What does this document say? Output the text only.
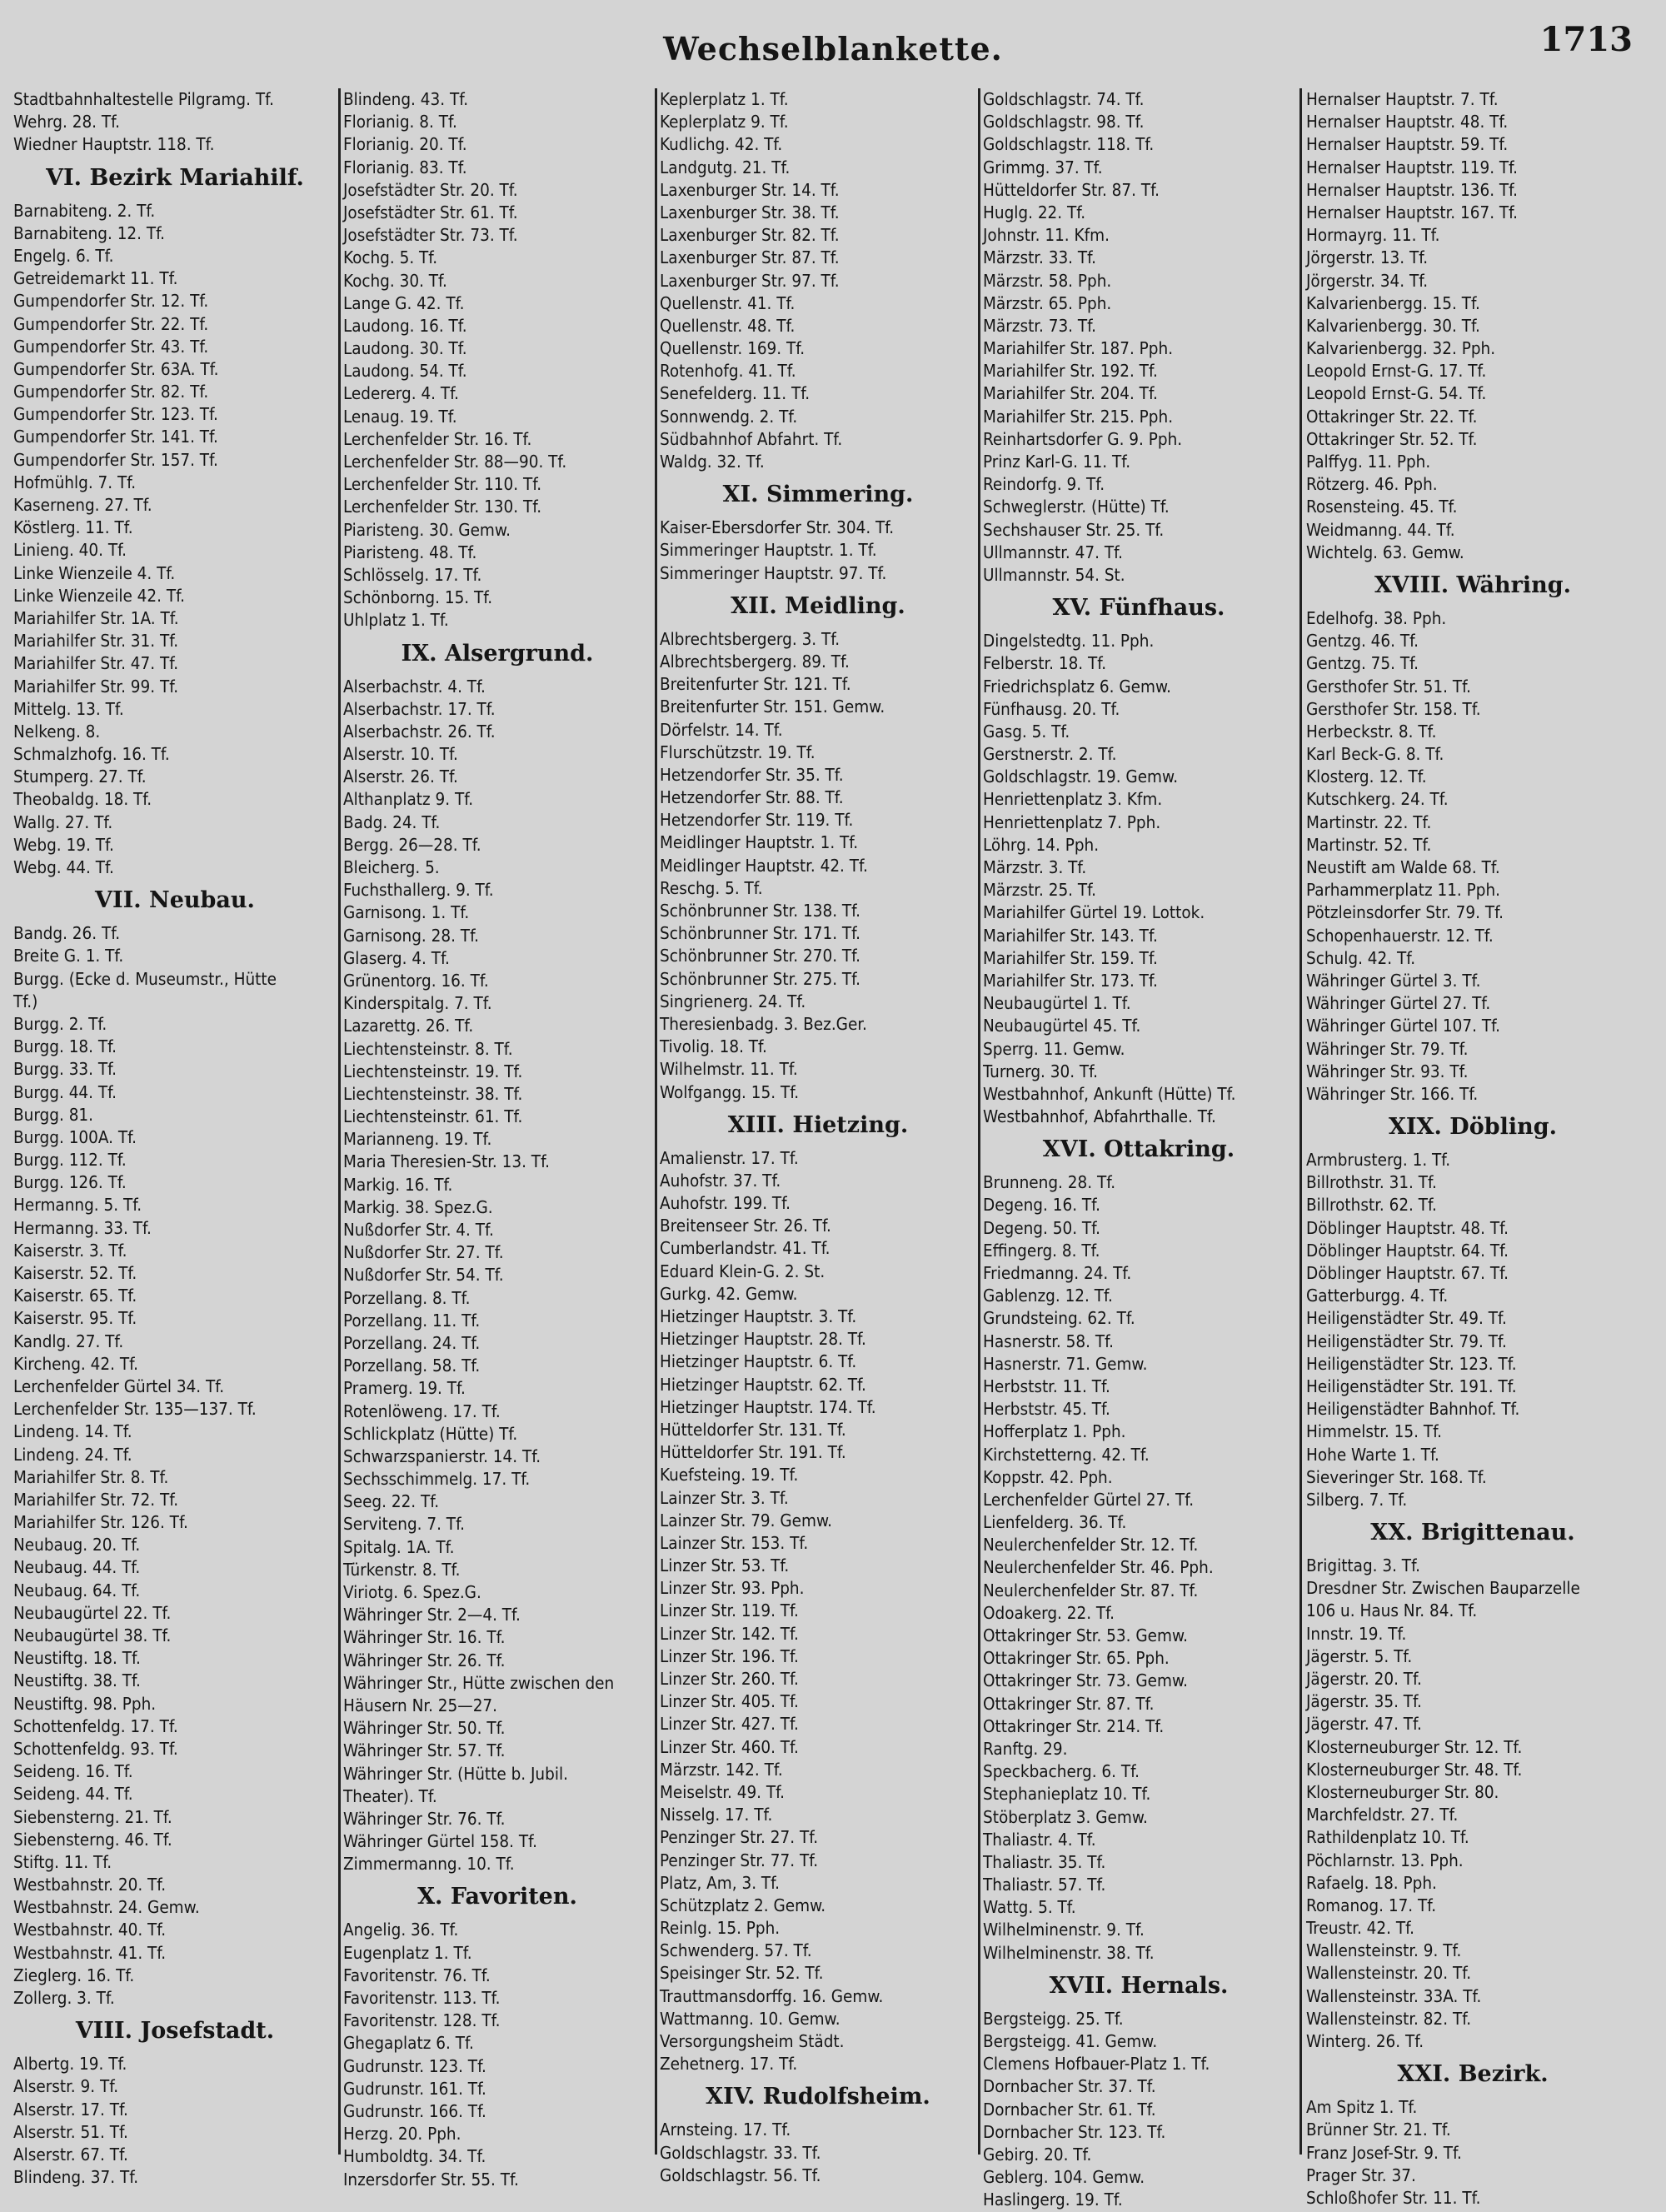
Wechselblankette.	1713
Stadtbahnhaltestelle Pilgramg. Tf.
Wehrg. 28. Tf.
Wiedner Hauptstr. 118. Tf.
VI. Bezirk Mariahilf.
Barnabiteng. 2. Tf.
Barnabiteng. 12. Tf.
Engelg. 6. Tf.
Getreidemarkt 11. Tf.
Gumpendorfer Str. 12. Tf.
Gumpendorfer Str. 22. Tf.
Gumpendorfer Str. 43. Tf.
Gumpendorfer Str. 63A. Tf.
Gumpendorfer Str. 82. Tf.
Gumpendorfer Str. 123. Tf.
Gumpendorfer Str. 141. Tf.
Gumpendorfer Str. 157. Tf.
Hofmühlg. 7. Tf.
Kaserneng. 27. Tf.
Köstlerg. 11. Tf.
Linieng. 40. Tf.
Linke Wienzeile 4. Tf.
Linke Wienzeile 42. Tf.
Mariahilfer Str. 1A. Tf.
Mariahilfer Str. 31. Tf.
Mariahilfer Str. 47. Tf.
Mariahilfer Str. 99. Tf.
Mittelg. 13. Tf.
Nelkeng. 8.
Schmalzhofg. 16. Tf.
Stumperg. 27. Tf.
Theobaldg. 18. Tf.
Wallg. 27. Tf.
Webg. 19. Tf.
Webg. 44. Tf.
VII. Neubau.
Bandg. 26. Tf.
Breite G. 1. Tf.
Burgg. (Ecke d. Museumstr., Hütte
Tf.)
Burgg. 2. Tf.
Burgg. 18. Tf.
Burgg. 33. Tf.
Burgg. 44. Tf.
Burgg. 81.
Burgg. 100A. Tf.
Burgg. 112. Tf.
Burgg. 126. Tf.
Hermanng. 5. Tf.
Hermanng. 33. Tf.
Kaiserstr. 3. Tf.
Kaiserstr. 52. Tf.
Kaiserstr. 65. Tf.
Kaiserstr. 95. Tf.
Kandlg. 27. Tf.
Kircheng. 42. Tf.
Lerchenfelder Gürtel 34. Tf.
Lerchenfelder Str. 135—137. Tf.
Lindeng. 14. Tf.
Lindeng. 24. Tf.
Mariahilfer Str. 8. Tf.
Mariahilfer Str. 72. Tf.
Mariahilfer Str. 126. Tf.
Neubaug. 20. Tf.
Neubaug. 44. Tf.
Neubaug. 64. Tf.
Neubaugürtel 22. Tf.
Neubaugürtel 38. Tf.
Neustiftg. 18. Tf.
Neustiftg. 38. Tf.
Neustiftg. 98. Pph.
Schottenfeldg. 17. Tf.
Schottenfeldg. 93. Tf.
Seideng. 16. Tf.
Seideng. 44. Tf.
Siebensterng. 21. Tf.
Siebensterng. 46. Tf.
Stiftg. 11. Tf.
Westbahnstr. 20. Tf.
Westbahnstr. 24. Gemw.
Westbahnstr. 40. Tf.
Westbahnstr. 41. Tf.
Zieglerg. 16. Tf.
Zollerg. 3. Tf.
VIII. Josefstadt.
Albertg. 19. Tf.
Alserstr. 9. Tf.
Alserstr. 17. Tf.
Alserstr. 51. Tf.
Alserstr. 67. Tf.
Blindeng. 37. Tf.
Blindeng. 43. Tf.
Florianig. 8. Tf.
Florianig. 20. Tf.
Florianig. 83. Tf.
Josefstädter Str. 20. Tf.
Josefstädter Str. 61. Tf.
Josefstädter Str. 73. Tf.
Kochg. 5. Tf.
Kochg. 30. Tf.
Lange G. 42. Tf.
Laudong. 16. Tf.
Laudong. 30. Tf.
Laudong. 54. Tf.
Ledererg. 4. Tf.
Lenaug. 19. Tf.
Lerchenfelder Str. 16. Tf.
Lerchenfelder Str. 88—90. Tf.
Lerchenfelder Str. 110. Tf.
Lerchenfelder Str. 130. Tf.
Piaristeng. 30. Gemw.
Piaristeng. 48. Tf.
Schlösselg. 17. Tf.
Schönborng. 15. Tf.
Uhlplatz 1. Tf.
IX. Alsergrund.
Alserbachstr. 4. Tf.
Alserbachstr. 17. Tf.
Alserbachstr. 26. Tf.
Alserstr. 10. Tf.
Alserstr. 26. Tf.
Althanplatz 9. Tf.
Badg. 24. Tf.
Bergg. 26—28. Tf.
Bleicherg. 5.
Fuchsthallerg. 9. Tf.
Garnisong. 1. Tf.
Garnisong. 28. Tf.
Glaserg. 4. Tf.
Grünentorg. 16. Tf.
Kinderspitalg. 7. Tf.
Lazarettg. 26. Tf.
Liechtensteinstr. 8. Tf.
Liechtensteinstr. 19. Tf.
Liechtensteinstr. 38. Tf.
Liechtensteinstr. 61. Tf.
Marianneng. 19. Tf.
Maria Theresien-Str. 13. Tf.
Markig. 16. Tf.
Markig. 38. Spez.G.
Nußdorfer Str. 4. Tf.
Nußdorfer Str. 27. Tf.
Nußdorfer Str. 54. Tf.
Porzellang. 8. Tf.
Porzellang. 11. Tf.
Porzellang. 24. Tf.
Porzellang. 58. Tf.
Pramerg. 19. Tf.
Rotenlöweng. 17. Tf.
Schlickplatz (Hütte) Tf.
Schwarzspanierstr. 14. Tf.
Sechsschimmelg. 17. Tf.
Seeg. 22. Tf.
Serviteng. 7. Tf.
Spitalg. 1A. Tf.
Türkenstr. 8. Tf.
Viriotg. 6. Spez.G.
Währinger Str. 2—4. Tf.
Währinger Str. 16. Tf.
Währinger Str. 26. Tf.
Währinger Str., Hütte zwischen den
Häusern Nr. 25—27.
Währinger Str. 50. Tf.
Währinger Str. 57. Tf.
Währinger Str. (Hütte b. Jubil.
Theater). Tf.
Währinger Str. 76. Tf.
Währinger Gürtel 158. Tf.
Zimmermanng. 10. Tf.
X. Favoriten.
Angelig. 36. Tf.
Eugenplatz 1. Tf.
Favoritenstr. 76. Tf.
Favoritenstr. 113. Tf.
Favoritenstr. 128. Tf.
Ghegaplatz 6. Tf.
Gudrunstr. 123. Tf.
Gudrunstr. 161. Tf.
Gudrunstr. 166. Tf.
Herzg. 20. Pph.
Humboldtg. 34. Tf.
Inzersdorfer Str. 55. Tf.
Keplerplatz 1. Tf.
Keplerplatz 9. Tf.
Kudlichg. 42. Tf.
Landgutg. 21. Tf.
Laxenburger Str. 14. Tf.
Laxenburger Str. 38. Tf.
Laxenburger Str. 82. Tf.
Laxenburger Str. 87. Tf.
Laxenburger Str. 97. Tf.
Quellenstr. 41. Tf.
Quellenstr. 48. Tf.
Quellenstr. 169. Tf.
Rotenhofg. 41. Tf.
Senefelderg. 11. Tf.
Sonnwendg. 2. Tf.
Südbahnhof Abfahrt. Tf.
Waldg. 32. Tf.
XI. Simmering.
Kaiser-Ebersdorfer Str. 304. Tf.
Simmeringer Hauptstr. 1. Tf.
Simmeringer Hauptstr. 97. Tf.
XII. Meidling.
Albrechtsbergerg. 3. Tf.
Albrechtsbergerg. 89. Tf.
Breitenfurter Str. 121. Tf.
Breitenfurter Str. 151. Gemw.
Dörfelstr. 14. Tf.
Flurschützstr. 19. Tf.
Hetzendorfer Str. 35. Tf.
Hetzendorfer Str. 88. Tf.
Hetzendorfer Str. 119. Tf.
Meidlinger Hauptstr. 1. Tf.
Meidlinger Hauptstr. 42. Tf.
Reschg. 5. Tf.
Schönbrunner Str. 138. Tf.
Schönbrunner Str. 171. Tf.
Schönbrunner Str. 270. Tf.
Schönbrunner Str. 275. Tf.
Singrienerg. 24. Tf.
Theresienbadg. 3. Bez.Ger.
Tivolig. 18. Tf.
Wilhelmstr. 11. Tf.
Wolfgangg. 15. Tf.
XIII. Hietzing.
Amalienstr. 17. Tf.
Auhofstr. 37. Tf.
Auhofstr. 199. Tf.
Breitenseer Str. 26. Tf.
Cumberlandstr. 41. Tf.
Eduard Klein-G. 2. St.
Gurkg. 42. Gemw.
Hietzinger Hauptstr. 3. Tf.
Hietzinger Hauptstr. 28. Tf.
Hietzinger Hauptstr. 6. Tf.
Hietzinger Hauptstr. 62. Tf.
Hietzinger Hauptstr. 174. Tf.
Hütteldorfer Str. 131. Tf.
Hütteldorfer Str. 191. Tf.
Kuefsteing. 19. Tf.
Lainzer Str. 3. Tf.
Lainzer Str. 79. Gemw.
Lainzer Str. 153. Tf.
Linzer Str. 53. Tf.
Linzer Str. 93. Pph.
Linzer Str. 119. Tf.
Linzer Str. 142. Tf.
Linzer Str. 196. Tf.
Linzer Str. 260. Tf.
Linzer Str. 405. Tf.
Linzer Str. 427. Tf.
Linzer Str. 460. Tf.
Märzstr. 142. Tf.
Meiselstr. 49. Tf.
Nisselg. 17. Tf.
Penzinger Str. 27. Tf.
Penzinger Str. 77. Tf.
Platz, Am, 3. Tf.
Schützplatz 2. Gemw.
Reinlg. 15. Pph.
Schwenderg. 57. Tf.
Speisinger Str. 52. Tf.
Trauttmansdorffg. 16. Gemw.
Wattmanng. 10. Gemw.
Versorgungsheim Städt.
Zehetnerg. 17. Tf.
XIV. Rudolfsheim.
Arnsteing. 17. Tf.
Goldschlagstr. 33. Tf.
Goldschlagstr. 56. Tf.
Goldschlagstr. 74. Tf.
Goldschlagstr. 98. Tf.
Goldschlagstr. 118. Tf.
Grimmg. 37. Tf.
Hütteldorfer Str. 87. Tf.
Huglg. 22. Tf.
Johnstr. 11. Kfm.
Märzstr. 33. Tf.
Märzstr. 58. Pph.
Märzstr. 65. Pph.
Märzstr. 73. Tf.
Mariahilfer Str. 187. Pph.
Mariahilfer Str. 192. Tf.
Mariahilfer Str. 204. Tf.
Mariahilfer Str. 215. Pph.
Reinhartsdorfer G. 9. Pph.
Prinz Karl-G. 11. Tf.
Reindorfg. 9. Tf.
Schweglerstr. (Hütte) Tf.
Sechshauser Str. 25. Tf.
Ullmannstr. 47. Tf.
Ullmannstr. 54. St.
XV. Fünfhaus.
Dingelstedtg. 11. Pph.
Felberstr. 18. Tf.
Friedrichsplatz 6. Gemw.
Fünfhausg. 20. Tf.
Gasg. 5. Tf.
Gerstnerstr. 2. Tf.
Goldschlagstr. 19. Gemw.
Henriettenplatz 3. Kfm.
Henriettenplatz 7. Pph.
Löhrg. 14. Pph.
Märzstr. 3. Tf.
Märzstr. 25. Tf.
Mariahilfer Gürtel 19. Lottok.
Mariahilfer Str. 143. Tf.
Mariahilfer Str. 159. Tf.
Mariahilfer Str. 173. Tf.
Neubaugürtel 1. Tf.
Neubaugürtel 45. Tf.
Sperrg. 11. Gemw.
Turnerg. 30. Tf.
Westbahnhof, Ankunft (Hütte) Tf.
Westbahnhof, Abfahrthalle. Tf.
XVI. Ottakring.
Brunneng. 28. Tf.
Degeng. 16. Tf.
Degeng. 50. Tf.
Effingerg. 8. Tf.
Friedmanng. 24. Tf.
Gablenzg. 12. Tf.
Grundsteing. 62. Tf.
Hasnerstr. 58. Tf.
Hasnerstr. 71. Gemw.
Herbststr. 11. Tf.
Herbststr. 45. Tf.
Hofferplatz 1. Pph.
Kirchstetterng. 42. Tf.
Koppstr. 42. Pph.
Lerchenfelder Gürtel 27. Tf.
Lienfelderg. 36. Tf.
Neulerchenfelder Str. 12. Tf.
Neulerchenfelder Str. 46. Pph.
Neulerchenfelder Str. 87. Tf.
Odoakerg. 22. Tf.
Ottakringer Str. 53. Gemw.
Ottakringer Str. 65. Pph.
Ottakringer Str. 73. Gemw.
Ottakringer Str. 87. Tf.
Ottakringer Str. 214. Tf.
Ranftg. 29.
Speckbacherg. 6. Tf.
Stephanieplatz 10. Tf.
Stöberplatz 3. Gemw.
Thaliastr. 4. Tf.
Thaliastr. 35. Tf.
Thaliastr. 57. Tf.
Wattg. 5. Tf.
Wilhelminenstr. 9. Tf.
Wilhelminenstr. 38. Tf.
XVII. Hernals.
Bergsteigg. 25. Tf.
Bergsteigg. 41. Gemw.
Clemens Hofbauer-Platz 1. Tf.
Dornbacher Str. 37. Tf.
Dornbacher Str. 61. Tf.
Dornbacher Str. 123. Tf.
Gebirg. 20. Tf.
Geblerg. 104. Gemw.
Haslingerg. 19. Tf.
Hernalser Hauptstr. 7. Tf.
Hernalser Hauptstr. 48. Tf.
Hernalser Hauptstr. 59. Tf.
Hernalser Hauptstr. 119. Tf.
Hernalser Hauptstr. 136. Tf.
Hernalser Hauptstr. 167. Tf.
Hormayrg. 11. Tf.
Jörgerstr. 13. Tf.
Jörgerstr. 34. Tf.
Kalvarienbergg. 15. Tf.
Kalvarienbergg. 30. Tf.
Kalvarienbergg. 32. Pph.
Leopold Ernst-G. 17. Tf.
Leopold Ernst-G. 54. Tf.
Ottakringer Str. 22. Tf.
Ottakringer Str. 52. Tf.
Palffyg. 11. Pph.
Rötzerg. 46. Pph.
Rosensteing. 45. Tf.
Weidmanng. 44. Tf.
Wichtelg. 63. Gemw.
XVIII. Währing.
Edelhofg. 38. Pph.
Gentzg. 46. Tf.
Gentzg. 75. Tf.
Gersthofer Str. 51. Tf.
Gersthofer Str. 158. Tf.
Herbeckstr. 8. Tf.
Karl Beck-G. 8. Tf.
Klosterg. 12. Tf.
Kutschkerg. 24. Tf.
Martinstr. 22. Tf.
Martinstr. 52. Tf.
Neustift am Walde 68. Tf.
Parhammerplatz 11. Pph.
Pötzleinsdorfer Str. 79. Tf.
Schopenhauerstr. 12. Tf.
Schulg. 42. Tf.
Währinger Gürtel 3. Tf.
Währinger Gürtel 27. Tf.
Währinger Gürtel 107. Tf.
Währinger Str. 79. Tf.
Währinger Str. 93. Tf.
Währinger Str. 166. Tf.
XIX. Döbling.
Armbrusterg. 1. Tf.
Billrothstr. 31. Tf.
Billrothstr. 62. Tf.
Döblinger Hauptstr. 48. Tf.
Döblinger Hauptstr. 64. Tf.
Döblinger Hauptstr. 67. Tf.
Gatterburgg. 4. Tf.
Heiligenstädter Str. 49. Tf.
Heiligenstädter Str. 79. Tf.
Heiligenstädter Str. 123. Tf.
Heiligenstädter Str. 191. Tf.
Heiligenstädter Bahnhof. Tf.
Himmelstr. 15. Tf.
Hohe Warte 1. Tf.
Sieveringer Str. 168. Tf.
Silberg. 7. Tf.
XX. Brigittenau.
Brigittag. 3. Tf.
Dresdner Str. Zwischen Bauparzelle
106 u. Haus Nr. 84. Tf.
Innstr. 19. Tf.
Jägerstr. 5. Tf.
Jägerstr. 20. Tf.
Jägerstr. 35. Tf.
Jägerstr. 47. Tf.
Klosterneuburger Str. 12. Tf.
Klosterneuburger Str. 48. Tf.
Klosterneuburger Str. 80.
Marchfeldstr. 27. Tf.
Rathildenplatz 10. Tf.
Pöchlarnstr. 13. Pph.
Rafaelg. 18. Pph.
Romanog. 17. Tf.
Treustr. 42. Tf.
Wallensteinstr. 9. Tf.
Wallensteinstr. 20. Tf.
Wallensteinstr. 33A. Tf.
Wallensteinstr. 82. Tf.
Winterg. 26. Tf.
XXI. Bezirk.
Am Spitz 1. Tf.
Brünner Str. 21. Tf.
Franz Josef-Str. 9. Tf.
Prager Str. 37.
Schloßhofer Str. 11. Tf.
